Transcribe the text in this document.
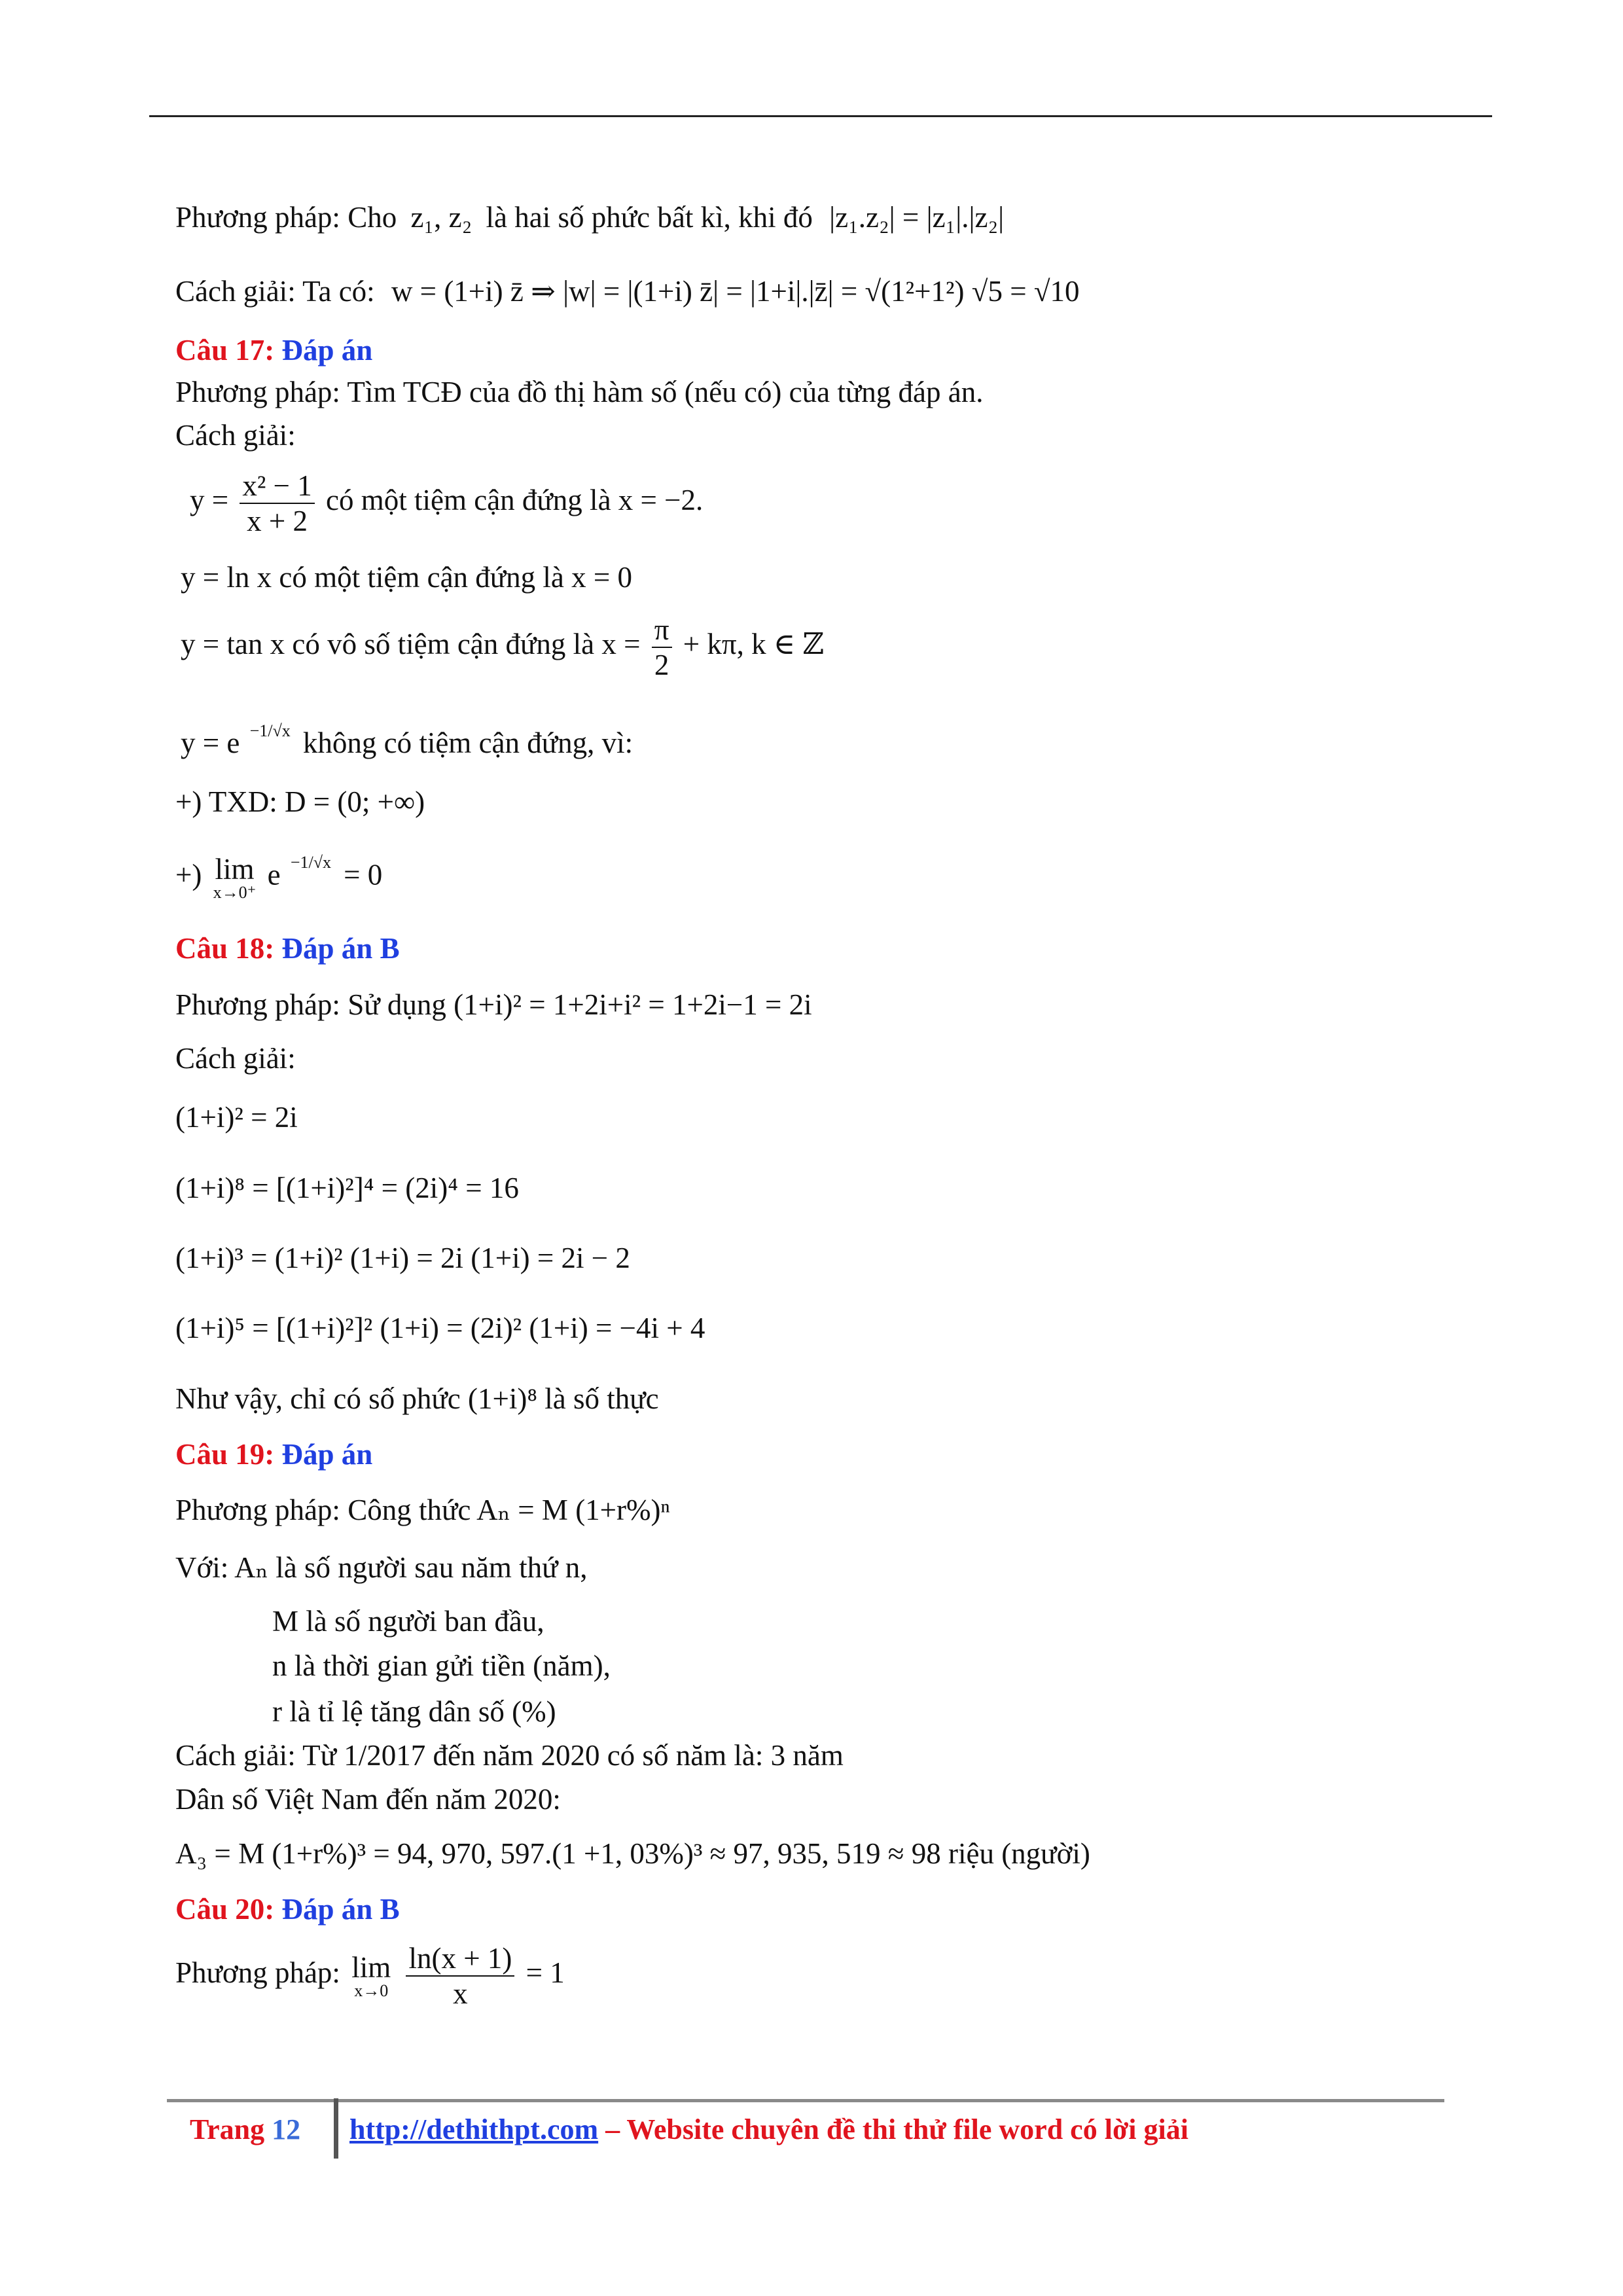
Phương pháp: Cho z₁, z₂ là hai số phức bất kì, khi đó |z₁.z₂| = |z₁|.|z₂|
Cách giải: Ta có: w = (1+i) z̄ ⇒ |w| = |(1+i) z̄| = |1+i|.|z̄| = √(1²+1²) √5 = √10
Câu 17: Đáp án
Phương pháp: Tìm TCĐ của đồ thị hàm số (nếu có) của từng đáp án.
Cách giải:
$y = \frac{\text{x² − 1}}{x + 2}$ có một tiệm cận đứng là x = −2.
y = ln x có một tiệm cận đứng là x = 0
y = tan x có vô số tiệm cận đứng là $x = \frac{\pi}{2} + k\pi$, k ∈ ℤ
y = e −1/√x không có tiệm cận đứng, vì:
+) TXD: D = (0; +∞)
+) lim
x→0⁺
e −1/√x = 0
Câu 18: Đáp án B
Phương pháp: Sử dụng (1+i)² = 1+2i+i² = 1+2i−1 = 2i
Cách giải:
(1+i)² = 2i
(1+i)⁸ = [(1+i)²]⁴ = (2i)⁴ = 16
(1+i)³ = (1+i)² (1+i) = 2i (1+i) = 2i − 2
(1+i)⁵ = [(1+i)²]² (1+i) = (2i)² (1+i) = −4i + 4
Như vậy, chỉ có số phức (1+i)⁸ là số thực
Câu 19: Đáp án
Phương pháp: Công thức Aₙ = M (1+r%)ⁿ
Với: Aₙ là số người sau năm thứ n,
M là số người ban đầu,
n là thời gian gửi tiền (năm),
r là tỉ lệ tăng dân số (%)
Cách giải: Từ 1/2017 đến năm 2020 có số năm là: 3 năm
Dân số Việt Nam đến năm 2020:
A₃ = M (1+r%)³ = 94, 970, 597.(1 +1, 03%)³ ≈ 97, 935, 519 ≈ 98 riệu (người)
Câu 20: Đáp án B
Phương pháp: lim
x→0
$\frac{\ln(x + 1)}{x} = 1$
Trang 12 http://dethithpt.com – Website chuyên đề thi thử file word có lời giải
